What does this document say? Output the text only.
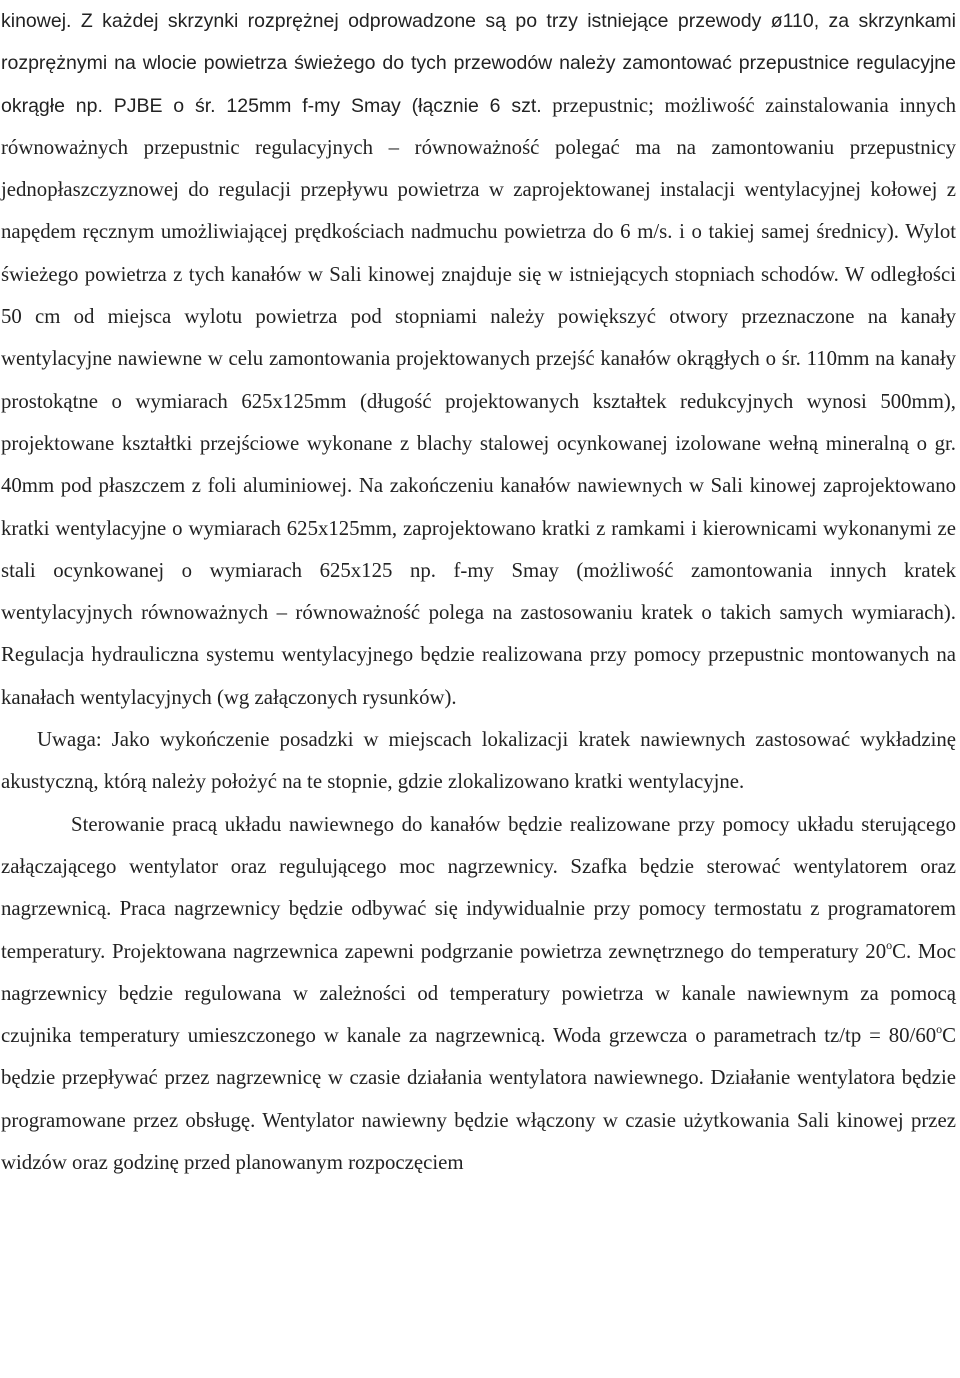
kinowej. Z każdej skrzynki rozprężnej odprowadzone są po trzy istniejące przewody ø110, za skrzynkami rozprężnymi na wlocie powietrza świeżego do tych przewodów należy zamontować przepustnice regulacyjne okrągłe np. PJBE o śr. 125mm f-my Smay (łącznie 6 szt. przepustnic; możliwość zainstalowania innych równoważnych przepustnic regulacyjnych – równoważność polegać ma na zamontowaniu przepustnicy jednopłaszczyznowej do regulacji przepływu powietrza w zaprojektowanej instalacji wentylacyjnej kołowej z napędem ręcznym umożliwiającej prędkościach nadmuchu powietrza do 6 m/s. i o takiej samej średnicy). Wylot świeżego powietrza z tych kanałów w Sali kinowej znajduje się w istniejących stopniach schodów. W odległości 50 cm od miejsca wylotu powietrza pod stopniami należy powiększyć otwory przeznaczone na kanały wentylacyjne nawiewne w celu zamontowania projektowanych przejść kanałów okrągłych o śr. 110mm na kanały prostokątne o wymiarach 625x125mm (długość projektowanych kształtek redukcyjnych wynosi 500mm), projektowane kształtki przejściowe wykonane z blachy stalowej ocynkowanej izolowane wełną mineralną o gr. 40mm pod płaszczem z foli aluminiowej. Na zakończeniu kanałów nawiewnych w Sali kinowej zaprojektowano kratki wentylacyjne o wymiarach 625x125mm, zaprojektowano kratki z ramkami i kierownicami wykonanymi ze stali ocynkowanej o wymiarach 625x125 np. f-my Smay (możliwość zamontowania innych kratek wentylacyjnych równoważnych – równoważność polega na zastosowaniu kratek o takich samych wymiarach). Regulacja hydrauliczna systemu wentylacyjnego będzie realizowana przy pomocy przepustnic montowanych na kanałach wentylacyjnych (wg załączonych rysunków).

Uwaga: Jako wykończenie posadzki w miejscach lokalizacji kratek nawiewnych zastosować wykładzinę akustyczną, którą należy położyć na te stopnie, gdzie zlokalizowano kratki wentylacyjne.

Sterowanie pracą układu nawiewnego do kanałów będzie realizowane przy pomocy układu sterującego załączającego wentylator oraz regulującego moc nagrzewnicy. Szafka będzie sterować wentylatorem oraz nagrzewnicą. Praca nagrzewnicy będzie odbywać się indywidualnie przy pomocy termostatu z programatorem temperatury. Projektowana nagrzewnica zapewni podgrzanie powietrza zewnętrznego do temperatury 20$^o$C. Moc nagrzewnicy będzie regulowana w zależności od temperatury powietrza w kanale nawiewnym za pomocą czujnika temperatury umieszczonego w kanale za nagrzewnicą. Woda grzewcza o parametrach $tz/tp = 80/60^oC$ będzie przepływać przez nagrzewnicę w czasie działania wentylatora nawiewnego. Działanie wentylatora będzie programowane przez obsługę. Wentylator nawiewny będzie włączony w czasie użytkowania Sali kinowej przez widzów oraz godzinę przed planowanym rozpoczęciem
